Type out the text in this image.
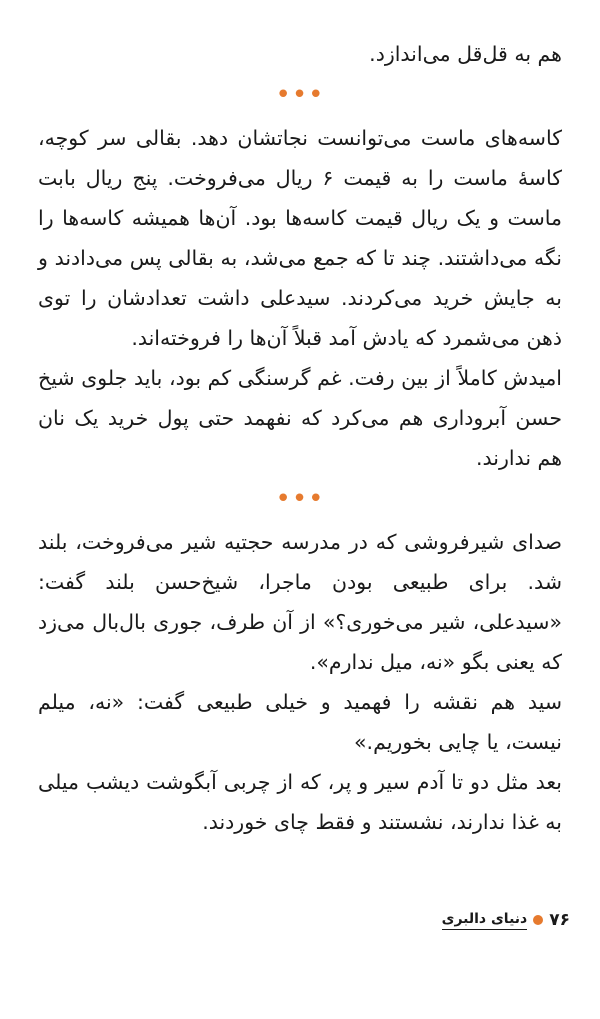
هم به قل‌قل می‌اندازد.

•••

کاسه‌های ماست می‌توانست نجاتشان دهد. بقالی سر کوچه، کاسهٔ ماست را به قیمت ۶ ریال می‌فروخت. پنج ریال بابت ماست و یک ریال قیمت کاسه‌ها بود. آن‌ها همیشه کاسه‌ها را نگه می‌داشتند. چند تا که جمع می‌شد، به بقالی پس می‌دادند و به جایش خرید می‌کردند. سیدعلی داشت تعدادشان را توی ذهن می‌شمرد که یادش آمد قبلاً آن‌ها را فروخته‌اند.

امیدش کاملاً از بین رفت. غم گرسنگی کم بود، باید جلوی شیخ حسن آبروداری هم می‌کرد که نفهمد حتی پول خرید یک نان هم ندارند.

•••

صدای شیرفروشی که در مدرسه حجتیه شیر می‌فروخت، بلند شد. برای طبیعی بودن ماجرا، شیخ‌حسن بلند گفت: «سیدعلی، شیر می‌خوری؟» از آن طرف، جوری بال‌بال می‌زد که یعنی بگو «نه، میل ندارم».

سید هم نقشه را فهمید و خیلی طبیعی گفت: «نه، میلم نیست، یا چایی بخوریم.»

بعد مثل دو تا آدم سیر و پر، که از چربی آبگوشت دیشب میلی به غذا ندارند، نشستند و فقط چای خوردند.

۷۶
دنیای دالبری
